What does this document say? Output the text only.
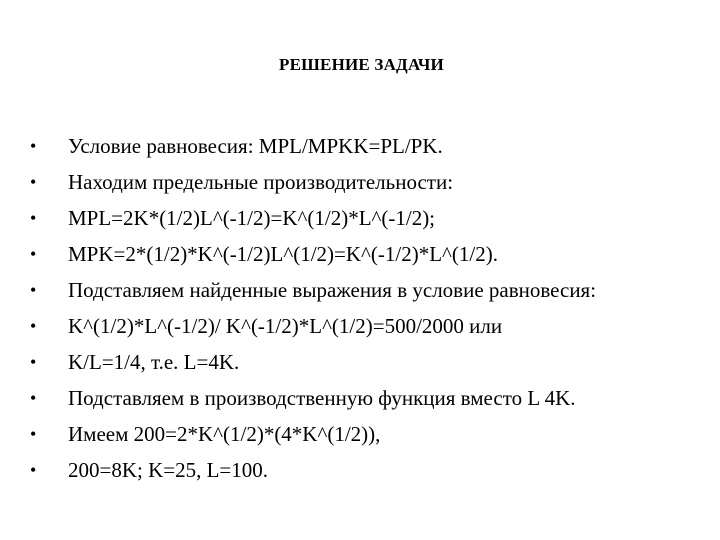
РЕШЕНИЕ ЗАДАЧИ
•	Условие равновесия: MPL/MPKK=PL/PK.
•	Находим предельные производительности:
•	MPL=2K*(1/2)L^(-1/2)=K^(1/2)*L^(-1/2);
•	MPK=2*(1/2)*K^(-1/2)L^(1/2)=K^(-1/2)*L^(1/2).
•	Подставляем найденные выражения в условие равновесия:
•	K^(1/2)*L^(-1/2)/ K^(-1/2)*L^(1/2)=500/2000 или
•	K/L=1/4, т.е. L=4K.
•	Подставляем в производственную функция вместо L 4K.
•	Имеем 200=2*K^(1/2)*(4*K^(1/2)),
•	200=8K; K=25, L=100.
